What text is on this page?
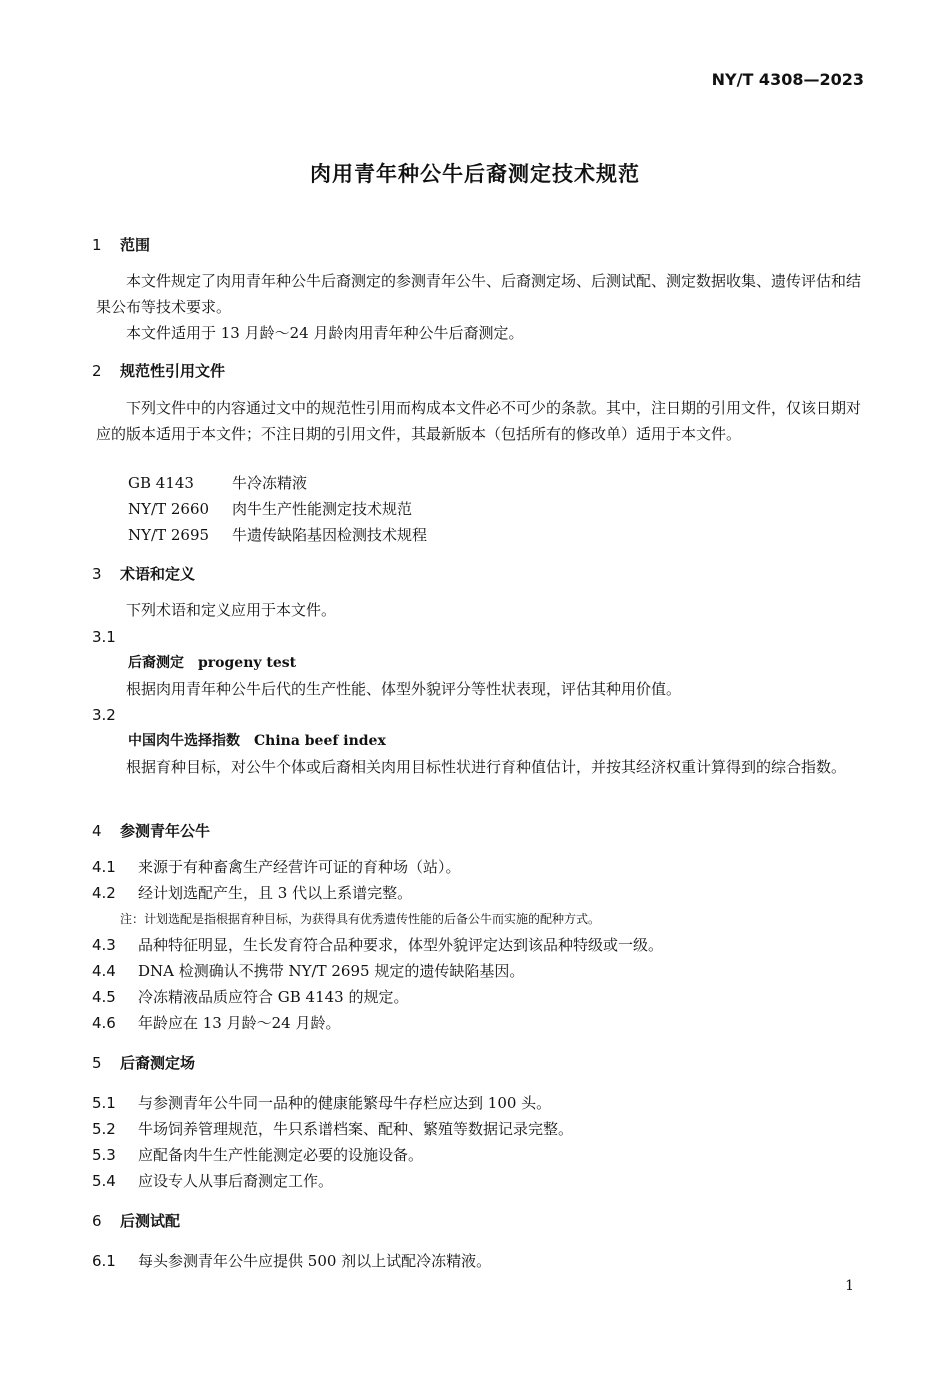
NY/T 4308—2023
肉用青年种公牛后裔测定技术规范
1 范围
本文件规定了肉用青年种公牛后裔测定的参测青年公牛、后裔测定场、后测试配、测定数据收集、遗传评估和结果公布等技术要求。
本文件适用于 13 月龄～24 月龄肉用青年种公牛后裔测定。
2 规范性引用文件
下列文件中的内容通过文中的规范性引用而构成本文件必不可少的条款。其中，注日期的引用文件，仅该日期对应的版本适用于本文件；不注日期的引用文件，其最新版本（包括所有的修改单）适用于本文件。
GB 4143	牛冷冻精液
NY/T 2660 肉牛生产性能测定技术规范
NY/T 2695 牛遗传缺陷基因检测技术规程
3 术语和定义
下列术语和定义应用于本文件。
3.1
后裔测定 progeny test
根据肉用青年种公牛后代的生产性能、体型外貌评分等性状表现，评估其种用价值。
3.2
中国肉牛选择指数 China beef index
根据育种目标，对公牛个体或后裔相关肉用目标性状进行育种值估计，并按其经济权重计算得到的综合指数。
4 参测青年公牛
4.1 来源于有种畜禽生产经营许可证的育种场（站）。
4.2 经计划选配产生，且 3 代以上系谱完整。
注：计划选配是指根据育种目标，为获得具有优秀遗传性能的后备公牛而实施的配种方式。
4.3 品种特征明显，生长发育符合品种要求，体型外貌评定达到该品种特级或一级。
4.4 DNA 检测确认不携带 NY/T 2695 规定的遗传缺陷基因。
4.5 冷冻精液品质应符合 GB 4143 的规定。
4.6 年龄应在 13 月龄～24 月龄。
5 后裔测定场
5.1 与参测青年公牛同一品种的健康能繁母牛存栏应达到 100 头。
5.2 牛场饲养管理规范，牛只系谱档案、配种、繁殖等数据记录完整。
5.3 应配备肉牛生产性能测定必要的设施设备。
5.4 应设专人从事后裔测定工作。
6 后测试配
6.1 每头参测青年公牛应提供 500 剂以上试配冷冻精液。
1
